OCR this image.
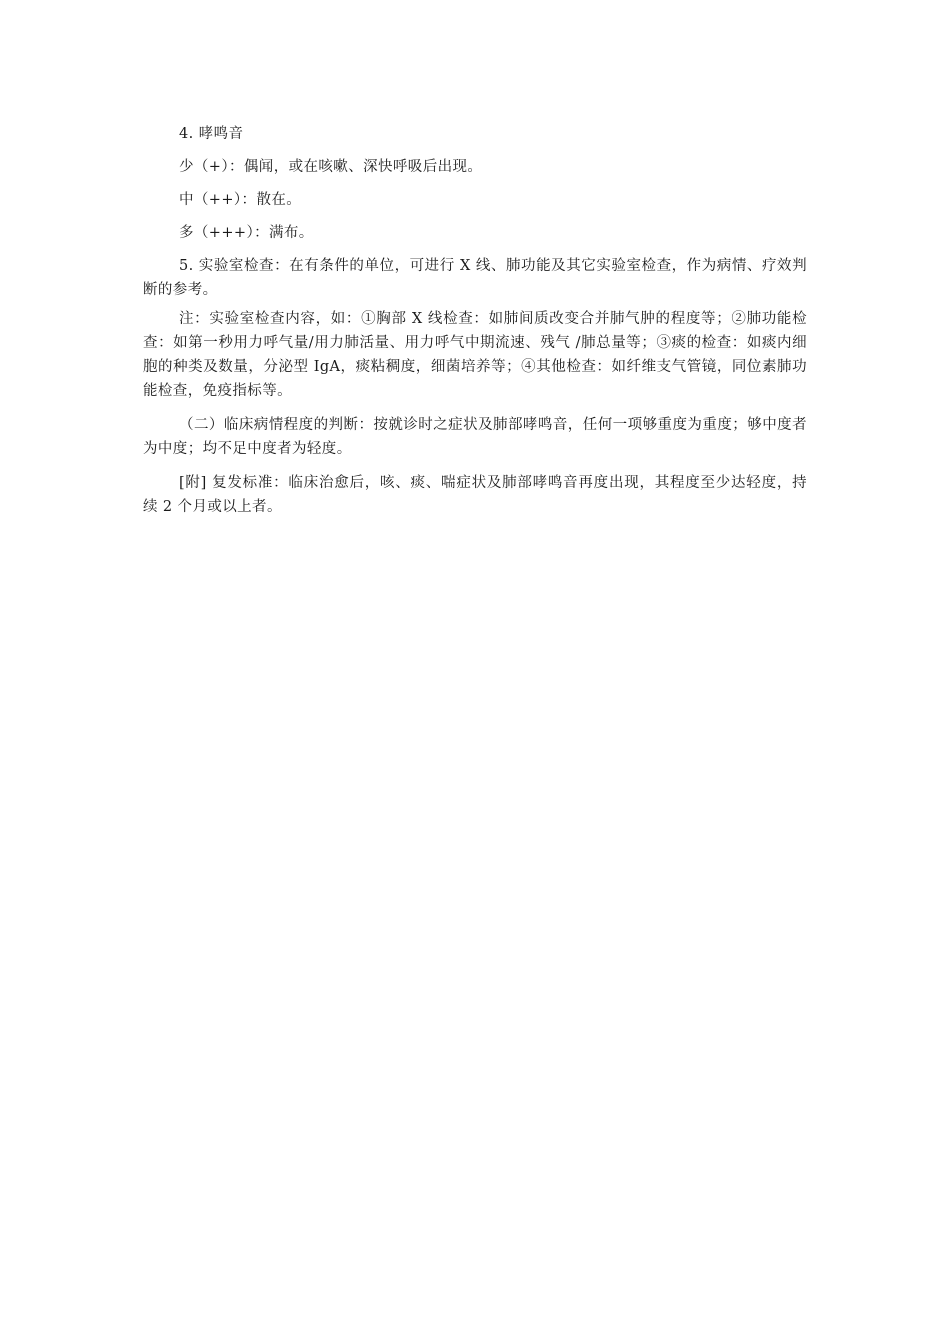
4. 哮鸣音

少（+）：偶闻，或在咳嗽、深快呼吸后出现。

中（++）：散在。

多（+++）：满布。

5. 实验室检查：在有条件的单位，可进行 X 线、肺功能及其它实验室检查，作为病情、疗效判断的参考。

注：实验室检查内容，如：①胸部 X 线检查：如肺间质改变合并肺气肿的程度等；②肺功能检查：如第一秒用力呼气量/用力肺活量、用力呼气中期流速、残气 /肺总量等；③痰的检查：如痰内细胞的种类及数量，分泌型 IgA，痰粘稠度，细菌培养等；④其他检查：如纤维支气管镜，同位素肺功能检查，免疫指标等。

（二）临床病情程度的判断：按就诊时之症状及肺部哮鸣音，任何一项够重度为重度；够中度者为中度；均不足中度者为轻度。

[附] 复发标准：临床治愈后，咳、痰、喘症状及肺部哮鸣音再度出现，其程度至少达轻度，持续 2 个月或以上者。
